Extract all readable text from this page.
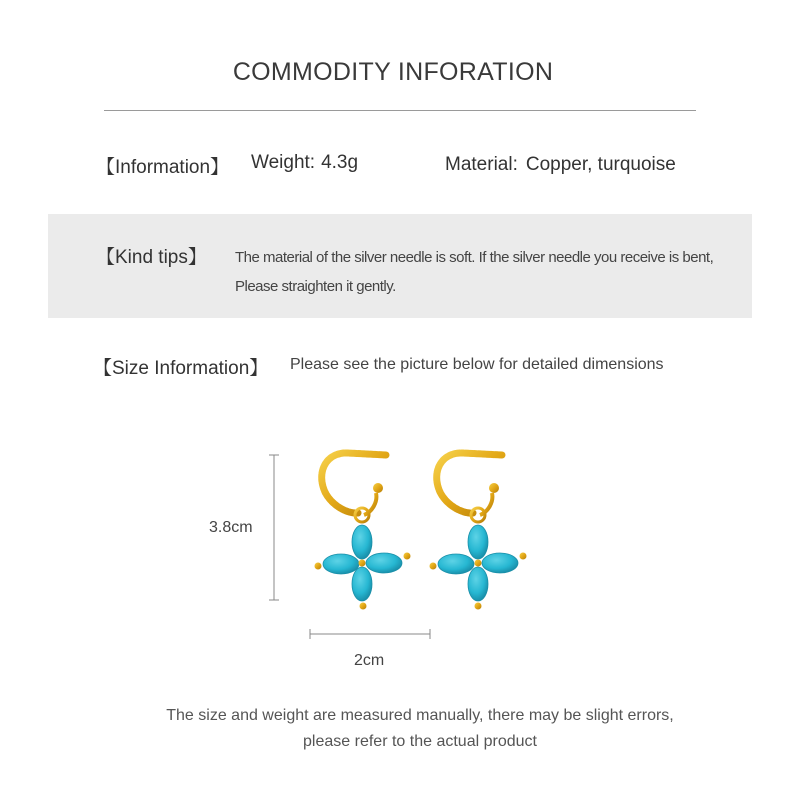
COMMODITY INFORATION
【Information】 Weight: 4.3g	Material: Copper, turquoise
【Kind tips】 The material of the silver needle is soft. If the silver needle you receive is bent,
Please straighten it gently.
【Size Information】 Please see the picture below for detailed dimensions
3.8cm
2cm
The size and weight are measured manually, there may be slight errors,
please refer to the actual product
